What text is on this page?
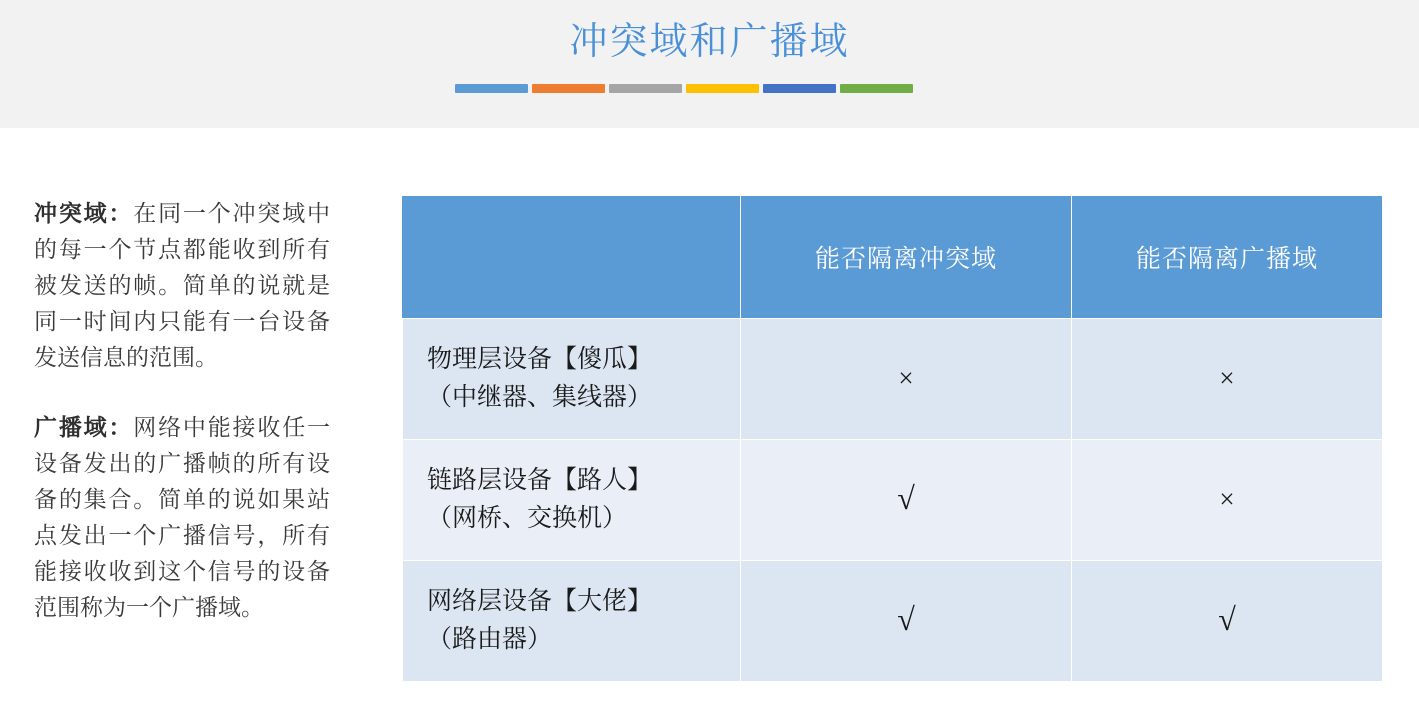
冲突域和广播域

冲突域：在同一个冲突域中的每一个节点都能收到所有被发送的帧。简单的说就是同一时间内只能有一台设备发送信息的范围。

广播域：网络中能接收任一设备发出的广播帧的所有设备的集合。简单的说如果站点发出一个广播信号，所有能接收收到这个信号的设备范围称为一个广播域。

	能否隔离冲突域	能否隔离广播域

物理层设备【傻瓜】
（中继器、集线器）	×	×

链路层设备【路人】
（网桥、交换机）	√	×

网络层设备【大佬】
（路由器）	√	√
